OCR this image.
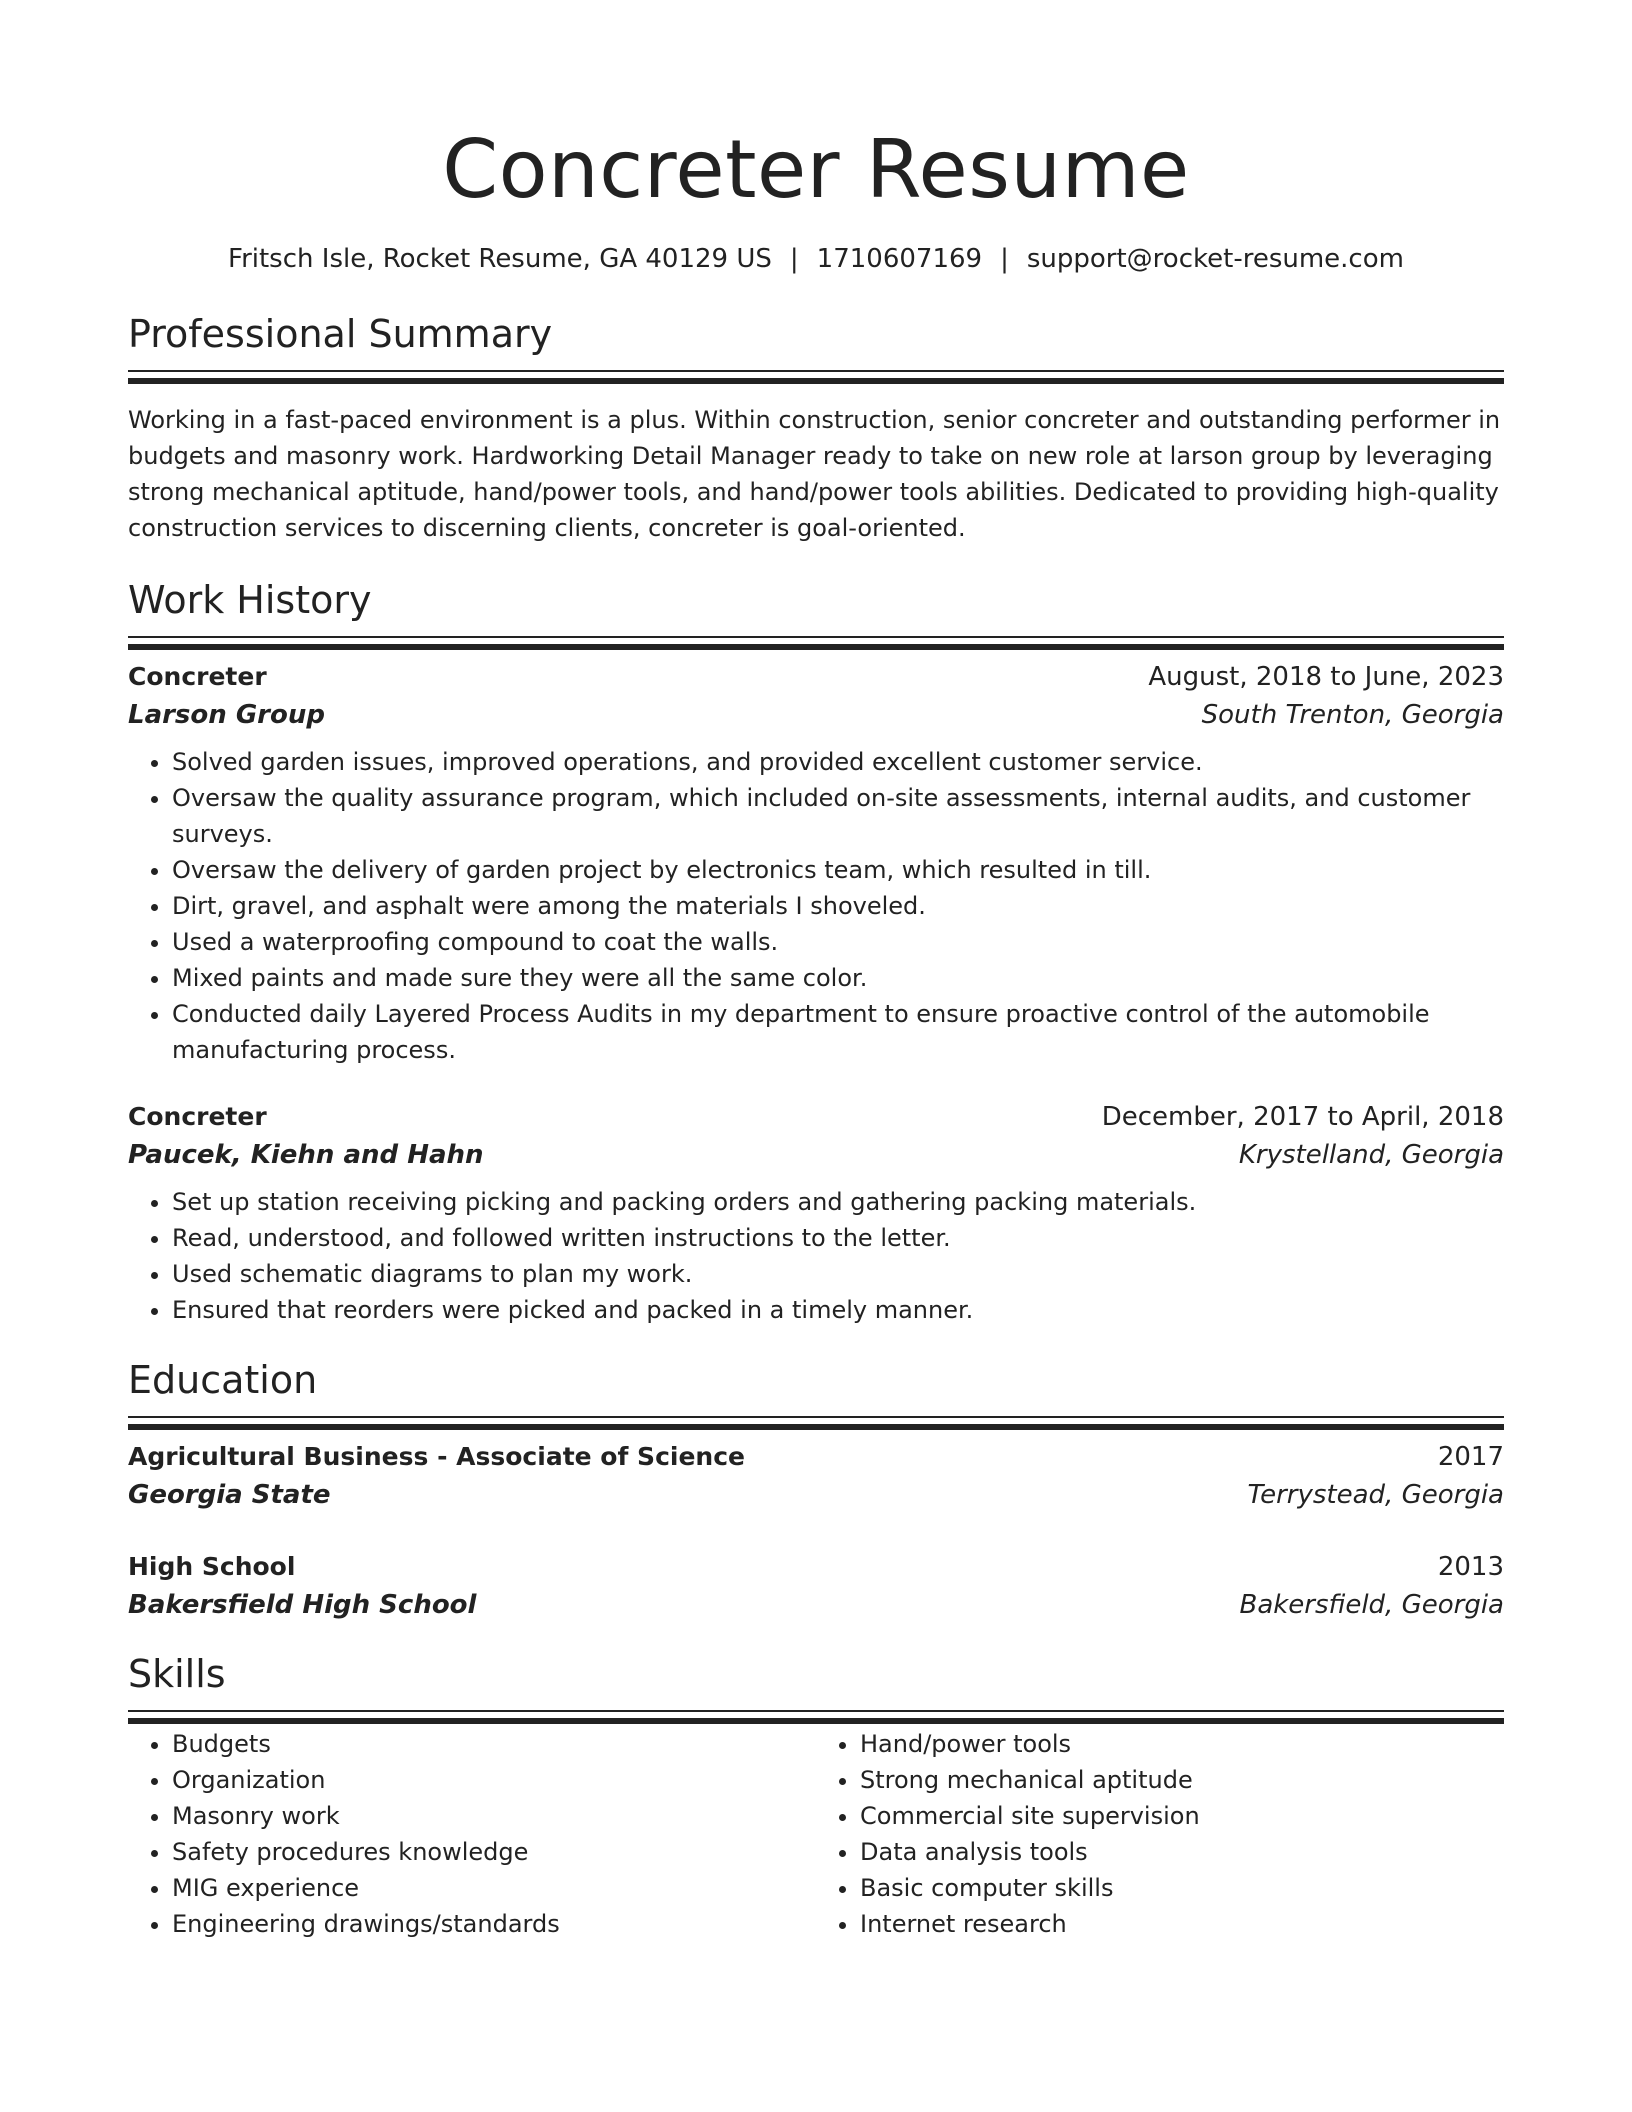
Concreter Resume
Fritsch Isle, Rocket Resume, GA 40129 US | 1710607169 | support@rocket-resume.com
Professional Summary

Working in a fast-paced environment is a plus. Within construction, senior concreter and outstanding performer in budgets and masonry work. Hardworking Detail Manager ready to take on new role at larson group by leveraging strong mechanical aptitude, hand/power tools, and hand/power tools abilities. Dedicated to providing high-quality construction services to discerning clients, concreter is goal-oriented.

Work History
Concreter	August, 2018 to June, 2023
Larson Group	South Trenton, Georgia
• Solved garden issues, improved operations, and provided excellent customer service.
• Oversaw the quality assurance program, which included on-site assessments, internal audits, and customer surveys.
• Oversaw the delivery of garden project by electronics team, which resulted in till.
• Dirt, gravel, and asphalt were among the materials I shoveled.
• Used a waterproofing compound to coat the walls.
• Mixed paints and made sure they were all the same color.
• Conducted daily Layered Process Audits in my department to ensure proactive control of the automobile manufacturing process.
Concreter	December, 2017 to April, 2018
Paucek, Kiehn and Hahn	Krystelland, Georgia
• Set up station receiving picking and packing orders and gathering packing materials.
• Read, understood, and followed written instructions to the letter.
• Used schematic diagrams to plan my work.
• Ensured that reorders were picked and packed in a timely manner.
Education
Agricultural Business - Associate of Science	2017
Georgia State	Terrystead, Georgia
High School	2013
Bakersfield High School	Bakersfield, Georgia
Skills
• Budgets
• Organization
• Masonry work
• Safety procedures knowledge
• MIG experience
• Engineering drawings/standards
• Hand/power tools
• Strong mechanical aptitude
• Commercial site supervision
• Data analysis tools
• Basic computer skills
• Internet research
